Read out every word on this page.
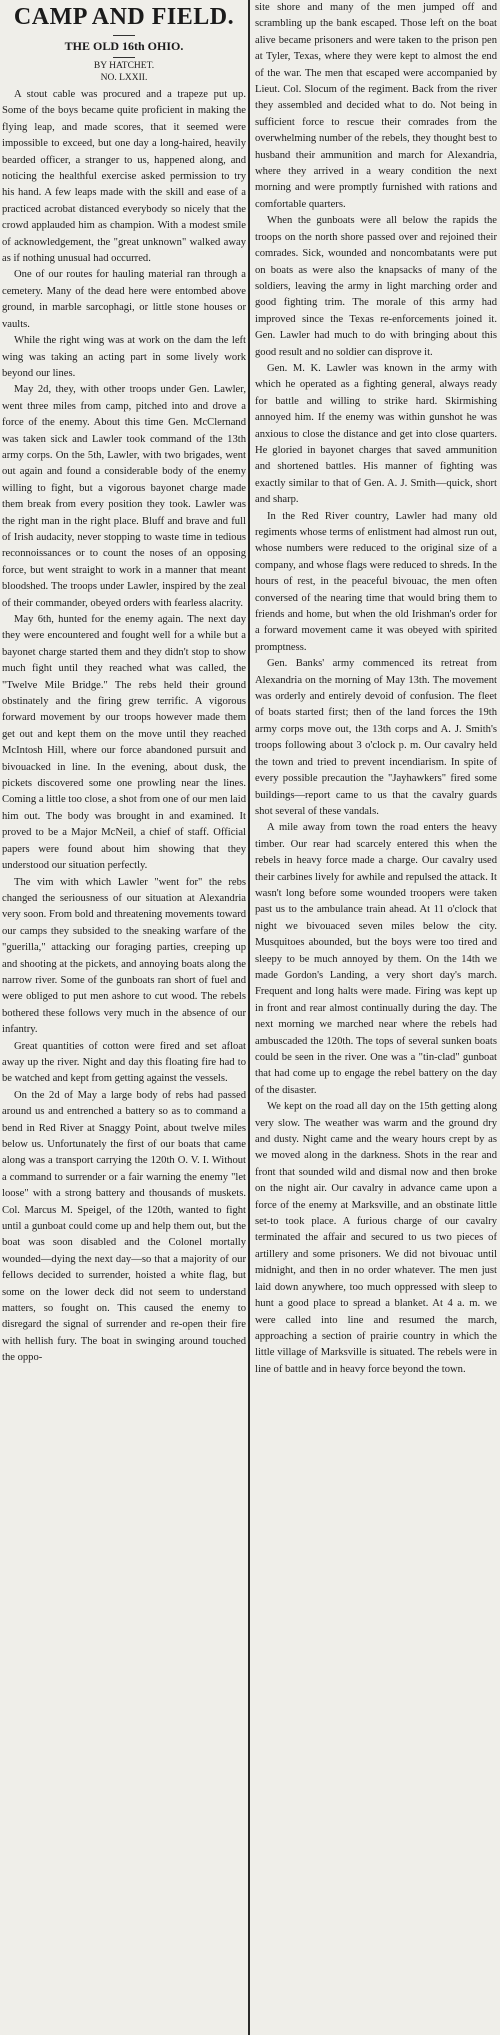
CAMP AND FIELD.
THE OLD 16th OHIO.
BY HATCHET.
NO. LXXII.

A stout cable was procured and a trapeze put up. Some of the boys became quite proficient in making the flying leap, and made scores, that it seemed were impossible to exceed, but one day a long-haired, heavily bearded officer, a stranger to us, happened along, and noticing the healthful exercise asked permission to try his hand. A few leaps made with the skill and ease of a practiced acrobat distanced everybody so nicely that the crowd applauded him as champion. With a modest smile of acknowledgement, the "great unknown" walked away as if nothing unusual had occurred.

One of our routes for hauling material ran through a cemetery. Many of the dead here were entombed above ground, in marble sarcophagi, or little stone houses or vaults.

While the right wing was at work on the dam the left wing was taking an acting part in some lively work beyond our lines.

May 2d, they, with other troops under Gen. Lawler, went three miles from camp, pitched into and drove a force of the enemy. About this time Gen. McClernand was taken sick and Lawler took command of the 13th army corps. On the 5th, Lawler, with two brigades, went out again and found a considerable body of the enemy willing to fight, but a vigorous bayonet charge made them break from every position they took. Lawler was the right man in the right place. Bluff and brave and full of Irish audacity, never stopping to waste time in tedious reconnoissances or to count the noses of an opposing force, but went straight to work in a manner that meant bloodshed. The troops under Lawler, inspired by the zeal of their commander, obeyed orders with fearless alacrity.

May 6th, hunted for the enemy again. The next day they were encountered and fought well for a while but a bayonet charge started them and they didn't stop to show much fight until they reached what was called, the "Twelve Mile Bridge." The rebs held their ground obstinately and the firing grew terrific. A vigorous forward movement by our troops however made them get out and kept them on the move until they reached McIntosh Hill, where our force abandoned pursuit and bivouacked in line. In the evening, about dusk, the pickets discovered some one prowling near the lines. Coming a little too close, a shot from one of our men laid him out. The body was brought in and examined. It proved to be a Major McNeil, a chief of staff. Official papers were found about him showing that they understood our situation perfectly.

The vim with which Lawler "went for" the rebs changed the seriousness of our situation at Alexandria very soon. From bold and threatening movements toward our camps they subsided to the sneaking warfare of the "guerilla," attacking our foraging parties, creeping up and shooting at the pickets, and annoying boats along the narrow river. Some of the gunboats ran short of fuel and were obliged to put men ashore to cut wood. The rebels bothered these follows very much in the absence of our infantry.

Great quantities of cotton were fired and set afloat away up the river. Night and day this floating fire had to be watched and kept from getting against the vessels.

On the 2d of May a large body of rebs had passed around us and entrenched a battery so as to command a bend in Red River at Snaggy Point, about twelve miles below us. Unfortunately the first of our boats that came along was a transport carrying the 120th O. V. I. Without a command to surrender or a fair warning the enemy "let loose" with a strong battery and thousands of muskets. Col. Marcus M. Speigel, of the 120th, wanted to fight until a gunboat could come up and help them out, but the boat was soon disabled and the Colonel mortally wounded—dying the next day—so that a majority of our fellows decided to surrender, hoisted a white flag, but some on the lower deck did not seem to understand matters, so fought on. This caused the enemy to disregard the signal of surrender and re-open their fire with hellish fury. The boat in swinging around touched the oppo-

site shore and many of the men jumped off and scrambling up the bank escaped. Those left on the boat alive became prisoners and were taken to the prison pen at Tyler, Texas, where they were kept to almost the end of the war. The men that escaped were accompanied by Lieut. Col. Slocum of the regiment. Back from the river they assembled and decided what to do. Not being in sufficient force to rescue their comrades from the overwhelming number of the rebels, they thought best to husband their ammunition and march for Alexandria, where they arrived in a weary condition the next morning and were promptly furnished with rations and comfortable quarters.

When the gunboats were all below the rapids the troops on the north shore passed over and rejoined their comrades. Sick, wounded and noncombatants were put on boats as were also the knapsacks of many of the soldiers, leaving the army in light marching order and good fighting trim. The morale of this army had improved since the Texas re-enforcements joined it. Gen. Lawler had much to do with bringing about this good result and no soldier can disprove it.

Gen. M. K. Lawler was known in the army with which he operated as a fighting general, always ready for battle and willing to strike hard. Skirmishing annoyed him. If the enemy was within gunshot he was anxious to close the distance and get into close quarters. He gloried in bayonet charges that saved ammunition and shortened battles. His manner of fighting was exactly similar to that of Gen. A. J. Smith—quick, short and sharp.

In the Red River country, Lawler had many old regiments whose terms of enlistment had almost run out, whose numbers were reduced to the original size of a company, and whose flags were reduced to shreds. In the hours of rest, in the peaceful bivouac, the men often conversed of the nearing time that would bring them to friends and home, but when the old Irishman's order for a forward movement came it was obeyed with spirited promptness.

Gen. Banks' army commenced its retreat from Alexandria on the morning of May 13th. The movement was orderly and entirely devoid of confusion. The fleet of boats started first; then of the land forces the 19th army corps move out, the 13th corps and A. J. Smith's troops following about 3 o'clock p. m. Our cavalry held the town and tried to prevent incendiarism. In spite of every possible precaution the "Jayhawkers" fired some buildings—report came to us that the cavalry guards shot several of these vandals.

A mile away from town the road enters the heavy timber. Our rear had scarcely entered this when the rebels in heavy force made a charge. Our cavalry used their carbines lively for awhile and repulsed the attack. It wasn't long before some wounded troopers were taken past us to the ambulance train ahead. At 11 o'clock that night we bivouaced seven miles below the city. Musquitoes abounded, but the boys were too tired and sleepy to be much annoyed by them. On the 14th we made Gordon's Landing, a very short day's march. Frequent and long halts were made. Firing was kept up in front and rear almost continually during the day. The next morning we marched near where the rebels had ambuscaded the 120th. The tops of several sunken boats could be seen in the river. One was a "tin-clad" gunboat that had come up to engage the rebel battery on the day of the disaster.

We kept on the road all day on the 15th getting along very slow. The weather was warm and the ground dry and dusty. Night came and the weary hours crept by as we moved along in the darkness. Shots in the rear and front that sounded wild and dismal now and then broke on the night air. Our cavalry in advance came upon a force of the enemy at Marksville, and an obstinate little set-to took place. A furious charge of our cavalry terminated the affair and secured to us two pieces of artillery and some prisoners. We did not bivouac until midnight, and then in no order whatever. The men just laid down anywhere, too much oppressed with sleep to hunt a good place to spread a blanket. At 4 a. m. we were called into line and resumed the march, approaching a section of prairie country in which the little village of Marksville is situated. The rebels were in line of battle and in heavy force beyond the town.
